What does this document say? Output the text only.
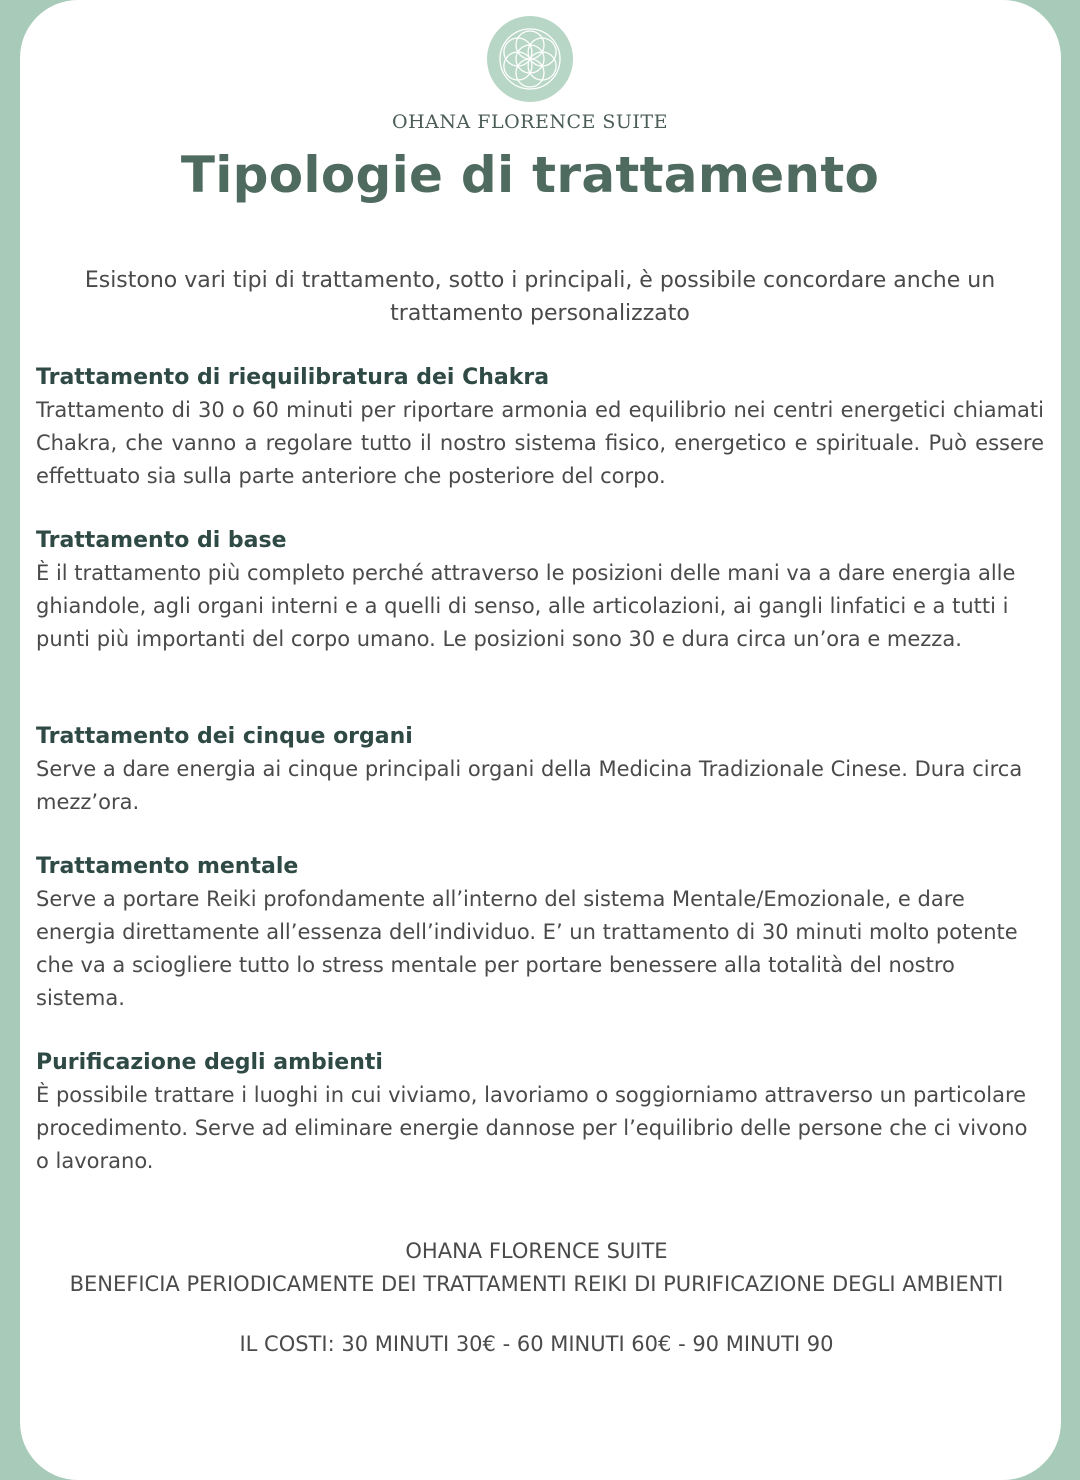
OHANA FLORENCE SUITE
Tipologie di trattamento
Esistono vari tipi di trattamento, sotto i principali, è possibile concordare anche un trattamento personalizzato
Trattamento di riequilibratura dei Chakra

Trattamento di 30 o 60 minuti per riportare armonia ed equilibrio nei centri energetici chiamati Chakra, che vanno a regolare tutto il nostro sistema fisico, energetico e spirituale. Può essere effettuato sia sulla parte anteriore che posteriore del corpo.

Trattamento di base

È il trattamento più completo perché attraverso le posizioni delle mani va a dare energia alle ghiandole, agli organi interni e a quelli di senso, alle articolazioni, ai gangli linfatici e a tutti i punti più importanti del corpo umano. Le posizioni sono 30 e dura circa un’ora e mezza.

Trattamento dei cinque organi

Serve a dare energia ai cinque principali organi della Medicina Tradizionale Cinese. Dura circa mezz’ora.

Trattamento mentale

Serve a portare Reiki profondamente all’interno del sistema Mentale/Emozionale, e dare energia direttamente all’essenza dell’individuo. E’ un trattamento di 30 minuti molto potente che va a sciogliere tutto lo stress mentale per portare benessere alla totalità del nostro sistema.

Purificazione degli ambienti

È possibile trattare i luoghi in cui viviamo, lavoriamo o soggiorniamo attraverso un particolare procedimento. Serve ad eliminare energie dannose per l’equilibrio delle persone che ci vivono o lavorano.

OHANA FLORENCE SUITE
BENEFICIA PERIODICAMENTE DEI TRATTAMENTI REIKI DI PURIFICAZIONE DEGLI AMBIENTI
IL COSTI: 30 MINUTI 30€ - 60 MINUTI 60€ - 90 MINUTI 90
